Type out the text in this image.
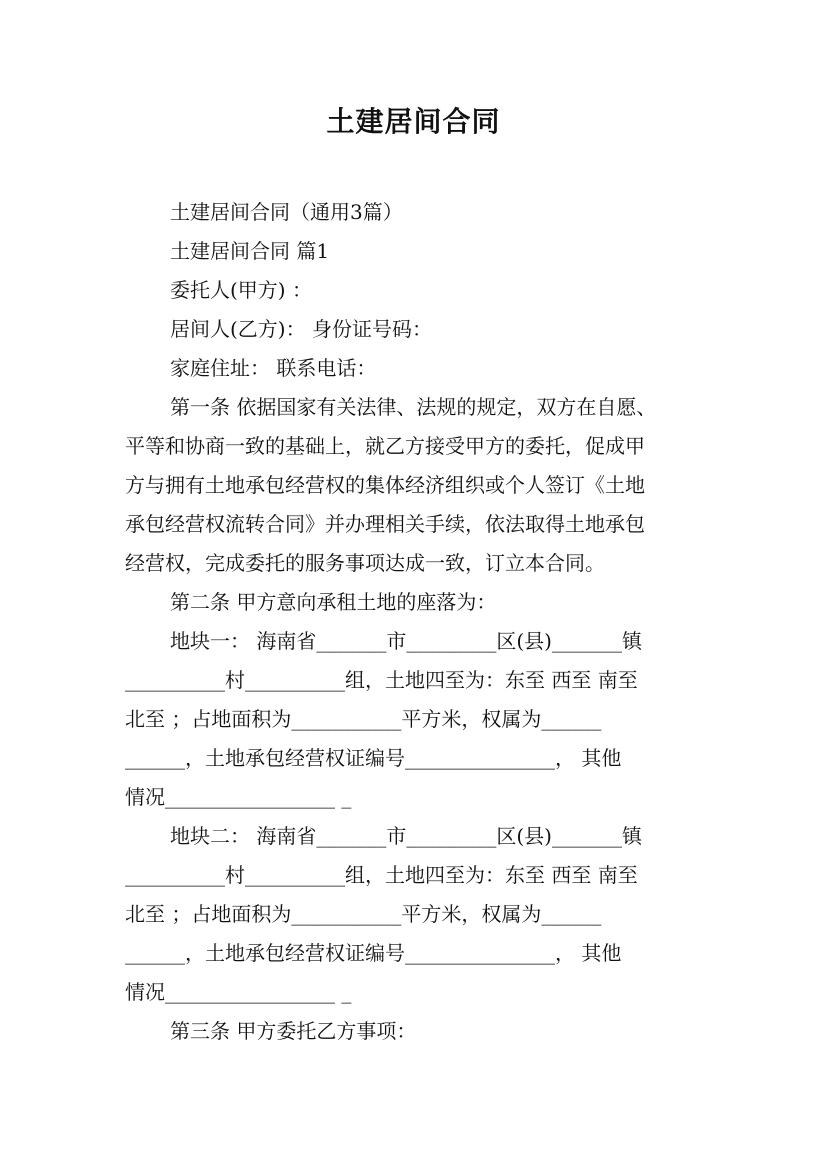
土建居间合同
土建居间合同（通用3篇）
土建居间合同 篇1
委托人(甲方) ：
居间人(乙方)： 身份证号码：
家庭住址： 联系电话：
第一条 依据国家有关法律、法规的规定，双方在自愿、
平等和协商一致的基础上，就乙方接受甲方的委托，促成甲
方与拥有土地承包经营权的集体经济组织或个人签订《土地
承包经营权流转合同》并办理相关手续，依法取得土地承包
经营权，完成委托的服务事项达成一致，订立本合同。
第二条 甲方意向承租土地的座落为：
地块一： 海南省_______市_________区(县)_______镇
__________村__________组，土地四至为：东至 西至 南至
北至 ；占地面积为___________平方米，权属为______
______，土地承包经营权证编号_______________， 其他
情况_________________ _
地块二： 海南省_______市_________区(县)_______镇
__________村__________组，土地四至为：东至 西至 南至
北至 ；占地面积为___________平方米，权属为______
______，土地承包经营权证编号_______________， 其他
情况_________________ _
第三条 甲方委托乙方事项：
